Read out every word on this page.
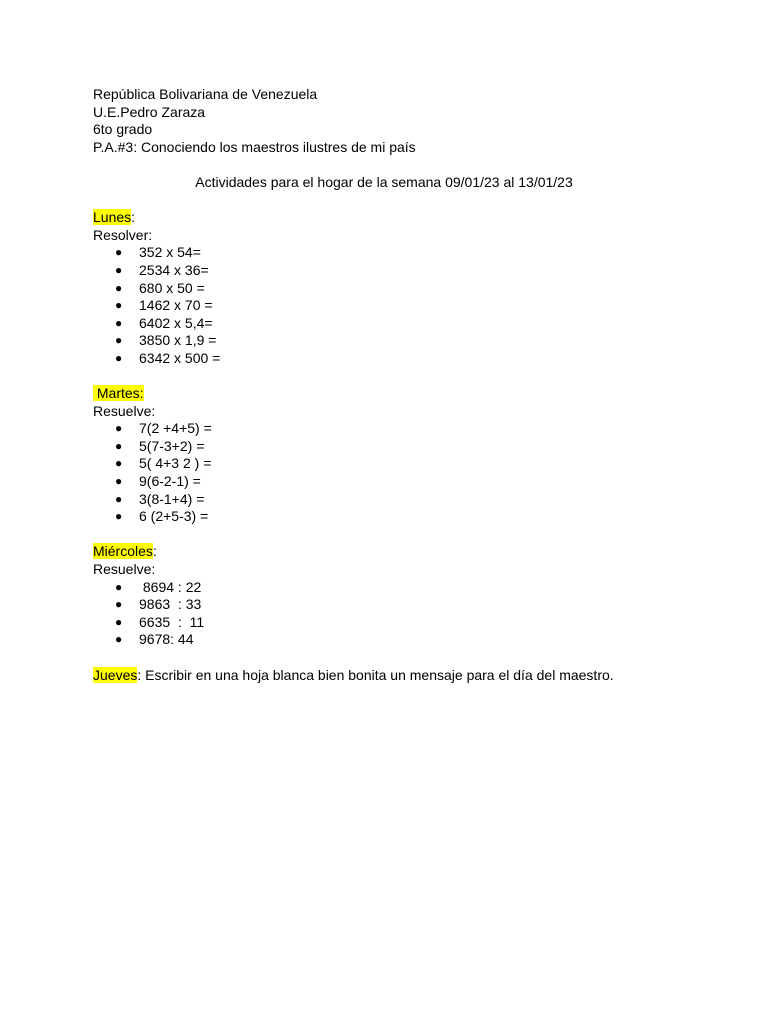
República Bolivariana de Venezuela
U.E.Pedro Zaraza
6to grado
P.A.#3: Conociendo los maestros ilustres de mi país
Actividades para el hogar de la semana 09/01/23 al 13/01/23
Lunes:
Resolver:
● 352 x 54=
● 2534 x 36=
● 680 x 50 =
● 1462 x 70 =
● 6402 x 5,4=
● 3850 x 1,9 =
● 6342 x 500 =
Martes:
Resuelve:
● 7(2 +4+5) =
● 5(7-3+2) =
● 5( 4+3 2 ) =
● 9(6-2-1) =
● 3(8-1+4) =
● 6 (2+5-3) =
Miércoles:
Resuelve:
● 8694 : 22
● 9863  : 33
● 6635  :  11
● 9678: 44
Jueves: Escribir en una hoja blanca bien bonita un mensaje para el día del maestro.
